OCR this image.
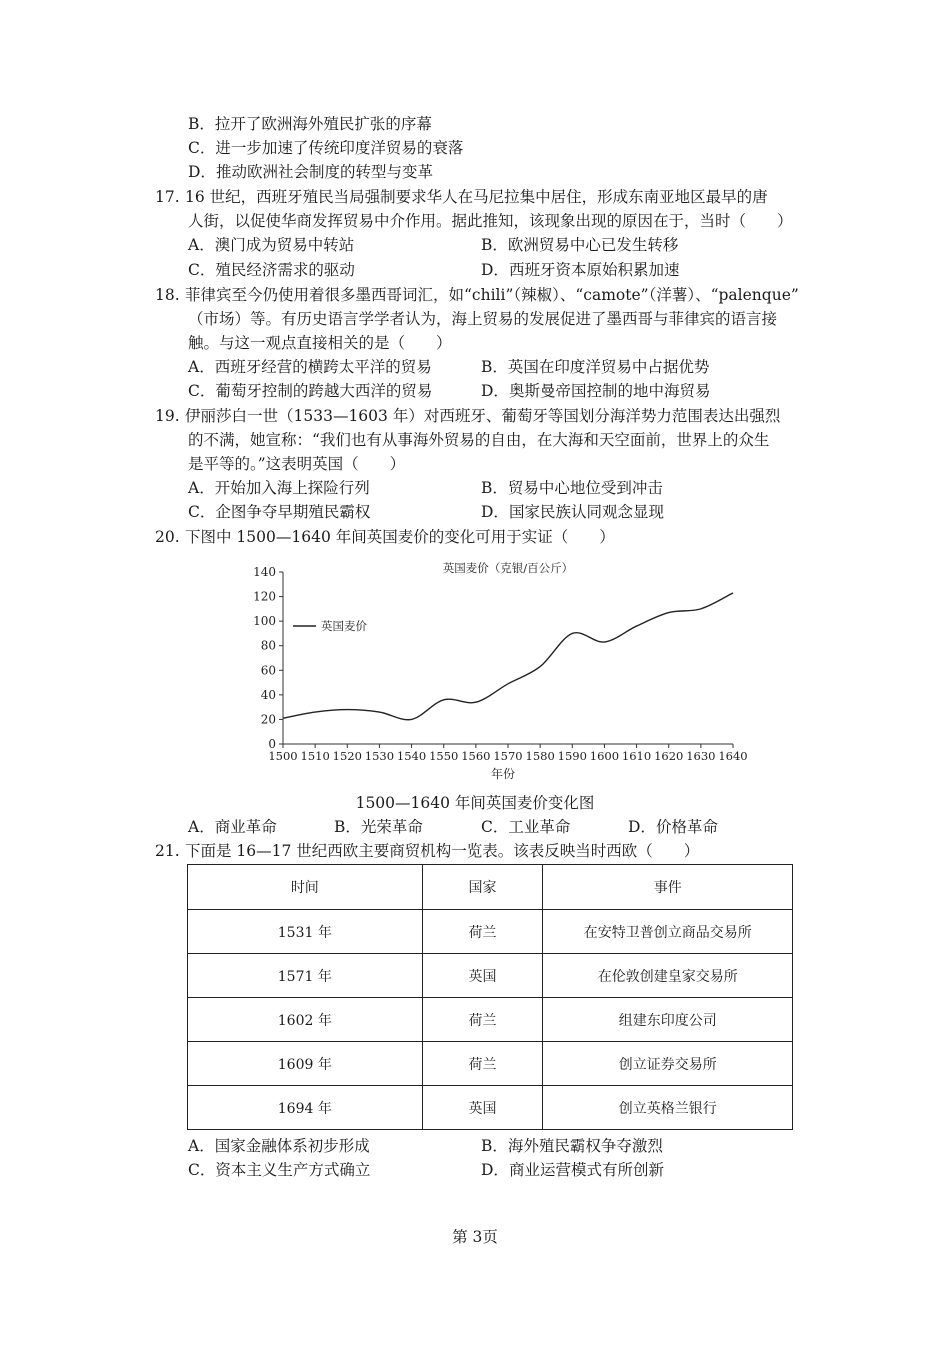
B．拉开了欧洲海外殖民扩张的序幕
C．进一步加速了传统印度洋贸易的衰落
D．推动欧洲社会制度的转型与变革
17. 16 世纪，西班牙殖民当局强制要求华人在马尼拉集中居住，形成东南亚地区最早的唐
人街，以促使华商发挥贸易中介作用。据此推知，该现象出现的原因在于，当时（　　）
A．澳门成为贸易中转站	B．欧洲贸易中心已发生转移
C．殖民经济需求的驱动	D．西班牙资本原始积累加速
18. 菲律宾至今仍使用着很多墨西哥词汇，如“chili”（辣椒）、“camote”（洋薯）、“palenque”
（市场）等。有历史语言学学者认为，海上贸易的发展促进了墨西哥与菲律宾的语言接
触。与这一观点直接相关的是（　　）
A．西班牙经营的横跨太平洋的贸易	B．英国在印度洋贸易中占据优势
C．葡萄牙控制的跨越大西洋的贸易	D．奥斯曼帝国控制的地中海贸易
19. 伊丽莎白一世（1533—1603 年）对西班牙、葡萄牙等国划分海洋势力范围表达出强烈
的不满，她宣称：“我们也有从事海外贸易的自由，在大海和天空面前，世界上的众生
是平等的。”这表明英国（　　）
A．开始加入海上探险行列	B．贸易中心地位受到冲击
C．企图争夺早期殖民霸权	D．国家民族认同观念显现
20. 下图中 1500—1640 年间英国麦价的变化可用于实证（　　）
0
20
40
60
80
100
120
140
1500 1510 1520 1530 1540 1550 1560 1570 1580 1590 1600 1610 1620 1630 1640
英国麦价（克银/百公斤）
年份
英国麦价
1500—1640 年间英国麦价变化图
A．商业革命	B．光荣革命	C．工业革命	D．价格革命
21. 下面是 16—17 世纪西欧主要商贸机构一览表。该表反映当时西欧（　　）
时间	国家	事件
1531 年	荷兰	在安特卫普创立商品交易所
1571 年	英国	在伦敦创建皇家交易所
1602 年	荷兰	组建东印度公司
1609 年	荷兰	创立证券交易所
1694 年	英国	创立英格兰银行
A．国家金融体系初步形成	B．海外殖民霸权争夺激烈
C．资本主义生产方式确立	D．商业运营模式有所创新
第 3页
